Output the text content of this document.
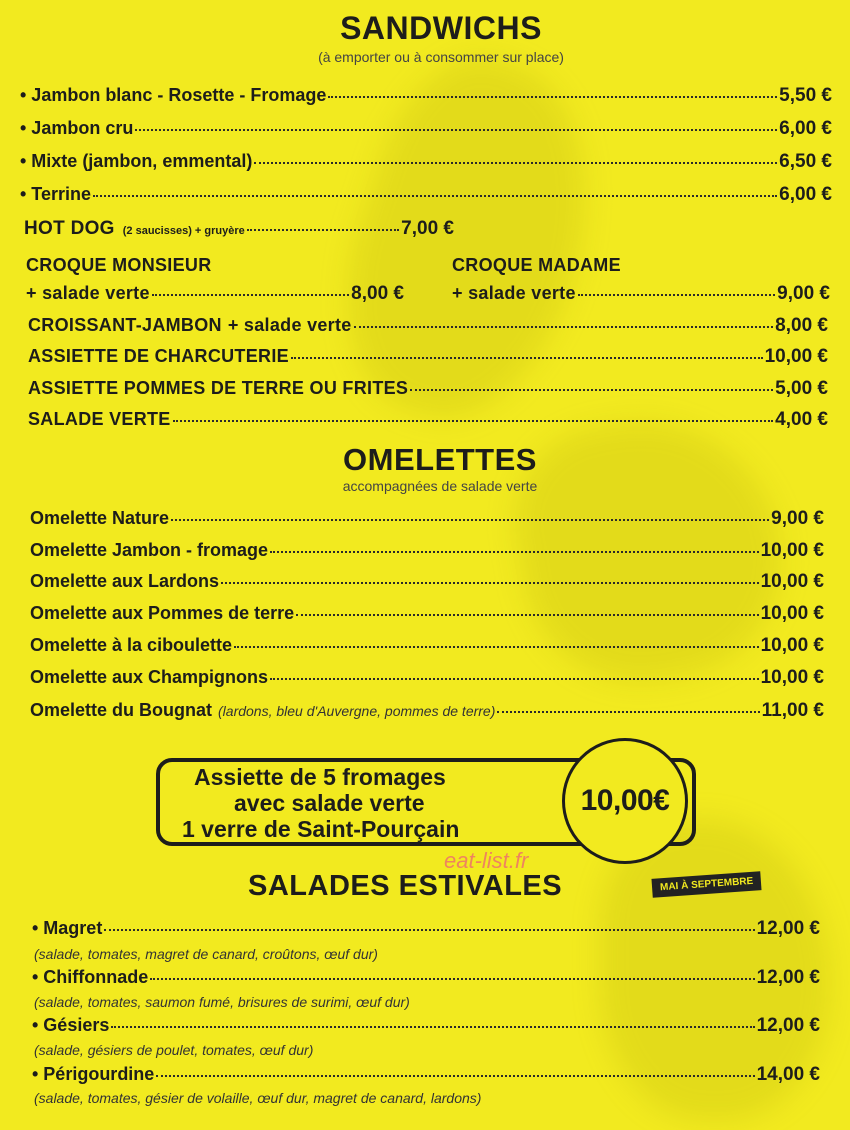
SANDWICHS

(à emporter ou à consommer sur place)

• Jambon blanc - Rosette - Fromage	5,50 €
• Jambon cru	6,00 €
• Mixte (jambon, emmental)	6,50 €
• Terrine	6,00 €
HOT DOG (2 saucisses) + gruyère	7,00 €
CROQUE MONSIEUR
+ salade verte	8,00 €
CROQUE MADAME
+ salade verte	9,00 €
CROISSANT-JAMBON + salade verte	8,00 €
ASSIETTE DE CHARCUTERIE	10,00 €
ASSIETTE POMMES DE TERRE OU FRITES	5,00 €
SALADE VERTE	4,00 €
OMELETTES

accompagnées de salade verte

Omelette Nature	9,00 €
Omelette Jambon - fromage	10,00 €
Omelette aux Lardons	10,00 €
Omelette aux Pommes de terre	10,00 €
Omelette à la ciboulette	10,00 €
Omelette aux Champignons	10,00 €
Omelette du Bougnat (lardons, bleu d'Auvergne, pommes de terre)	11,00 €
Assiette de 5 fromages
avec salade verte
1 verre de Saint-Pourçain
10,00€
eat-list.fr
SALADES ESTIVALES	MAI À SEPTEMBRE
• Magret	12,00 €
(salade, tomates, magret de canard, croûtons, œuf dur)
• Chiffonnade	12,00 €
(salade, tomates, saumon fumé, brisures de surimi, œuf dur)
• Gésiers	12,00 €
(salade, gésiers de poulet, tomates, œuf dur)
• Périgourdine	14,00 €
(salade, tomates, gésier de volaille, œuf dur, magret de canard, lardons)
